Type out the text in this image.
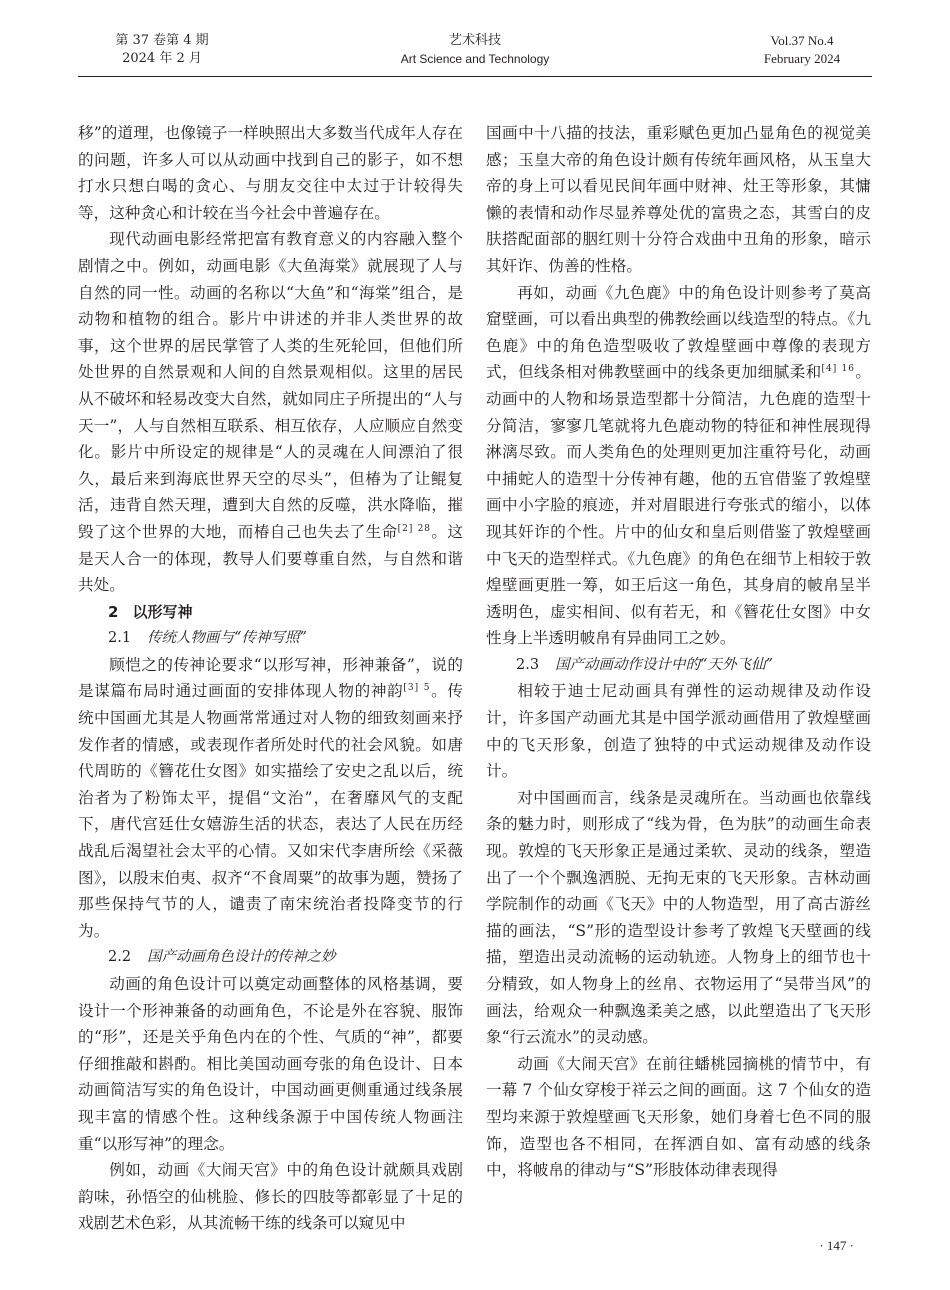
第 37 卷第 4 期
2024 年 2 月
艺术科技
Art Science and Technology
Vol.37 No.4
February 2024

移”的道理，也像镜子一样映照出大多数当代成年人存在的问题，许多人可以从动画中找到自己的影子，如不想打水只想白喝的贪心、与朋友交往中太过于计较得失等，这种贪心和计较在当今社会中普遍存在。

现代动画电影经常把富有教育意义的内容融入整个剧情之中。例如，动画电影《大鱼海棠》就展现了人与自然的同一性。动画的名称以“大鱼”和“海棠”组合，是动物和植物的组合。影片中讲述的并非人类世界的故事，这个世界的居民掌管了人类的生死轮回，但他们所处世界的自然景观和人间的自然景观相似。这里的居民从不破坏和轻易改变大自然，就如同庄子所提出的“人与天一”，人与自然相互联系、相互依存，人应顺应自然变化。影片中所设定的规律是“人的灵魂在人间漂泊了很久，最后来到海底世界天空的尽头”，但椿为了让鲲复活，违背自然天理，遭到大自然的反噬，洪水降临，摧毁了这个世界的大地，而椿自己也失去了生命$^{[2] 28}$。这是天人合一的体现，教导人们要尊重自然，与自然和谐共处。

2 以形写神

2.1 传统人物画与“传神写照”

顾恺之的传神论要求“以形写神，形神兼备”，说的是谋篇布局时通过画面的安排体现人物的神韵$^{[3] 5}$。传统中国画尤其是人物画常常通过对人物的细致刻画来抒发作者的情感，或表现作者所处时代的社会风貌。如唐代周昉的《簪花仕女图》如实描绘了安史之乱以后，统治者为了粉饰太平，提倡“文治”，在奢靡风气的支配下，唐代宫廷仕女嬉游生活的状态，表达了人民在历经战乱后渴望社会太平的心情。又如宋代李唐所绘《采薇图》，以殷末伯夷、叔齐“不食周粟”的故事为题，赞扬了那些保持气节的人，谴责了南宋统治者投降变节的行为。

2.2 国产动画角色设计的传神之妙

动画的角色设计可以奠定动画整体的风格基调，要设计一个形神兼备的动画角色，不论是外在容貌、服饰的“形”，还是关乎角色内在的个性、气质的“神”，都要仔细推敲和斟酌。相比美国动画夸张的角色设计、日本动画简洁写实的角色设计，中国动画更侧重通过线条展现丰富的情感个性。这种线条源于中国传统人物画注重“以形写神”的理念。

例如，动画《大闹天宫》中的角色设计就颇具戏剧韵味，孙悟空的仙桃脸、修长的四肢等都彰显了十足的戏剧艺术色彩，从其流畅干练的线条可以窥见中

国画中十八描的技法，重彩赋色更加凸显角色的视觉美感；玉皇大帝的角色设计颇有传统年画风格，从玉皇大帝的身上可以看见民间年画中财神、灶王等形象，其慵懒的表情和动作尽显养尊处优的富贵之态，其雪白的皮肤搭配面部的胭红则十分符合戏曲中丑角的形象，暗示其奸诈、伪善的性格。

再如，动画《九色鹿》中的角色设计则参考了莫高窟壁画，可以看出典型的佛教绘画以线造型的特点。《九色鹿》中的角色造型吸收了敦煌壁画中尊像的表现方式，但线条相对佛教壁画中的线条更加细腻柔和$^{[4] 16}$。动画中的人物和场景造型都十分简洁，九色鹿的造型十分简洁，寥寥几笔就将九色鹿动物的特征和神性展现得淋漓尽致。而人类角色的处理则更加注重符号化，动画中捕蛇人的造型十分传神有趣，他的五官借鉴了敦煌壁画中小字脸的痕迹，并对眉眼进行夸张式的缩小，以体现其奸诈的个性。片中的仙女和皇后则借鉴了敦煌壁画中飞天的造型样式。《九色鹿》的角色在细节上相较于敦煌壁画更胜一筹，如王后这一角色，其身肩的帔帛呈半透明色，虚实相间、似有若无，和《簪花仕女图》中女性身上半透明帔帛有异曲同工之妙。

2.3 国产动画动作设计中的“天外飞仙”

相较于迪士尼动画具有弹性的运动规律及动作设计，许多国产动画尤其是中国学派动画借用了敦煌壁画中的飞天形象，创造了独特的中式运动规律及动作设计。

对中国画而言，线条是灵魂所在。当动画也依靠线条的魅力时，则形成了“线为骨，色为肤”的动画生命表现。敦煌的飞天形象正是通过柔软、灵动的线条，塑造出了一个个飘逸洒脱、无拘无束的飞天形象。吉林动画学院制作的动画《飞天》中的人物造型，用了高古游丝描的画法，“S”形的造型设计参考了敦煌飞天壁画的线描，塑造出灵动流畅的运动轨迹。人物身上的细节也十分精致，如人物身上的丝帛、衣物运用了“吴带当风”的画法，给观众一种飘逸柔美之感，以此塑造出了飞天形象“行云流水”的灵动感。

动画《大闹天宫》在前往蟠桃园摘桃的情节中，有一幕 7 个仙女穿梭于祥云之间的画面。这 7 个仙女的造型均来源于敦煌壁画飞天形象，她们身着七色不同的服饰，造型也各不相同，在挥洒自如、富有动感的线条中，将帔帛的律动与“S”形肢体动律表现得

· 147 ·
